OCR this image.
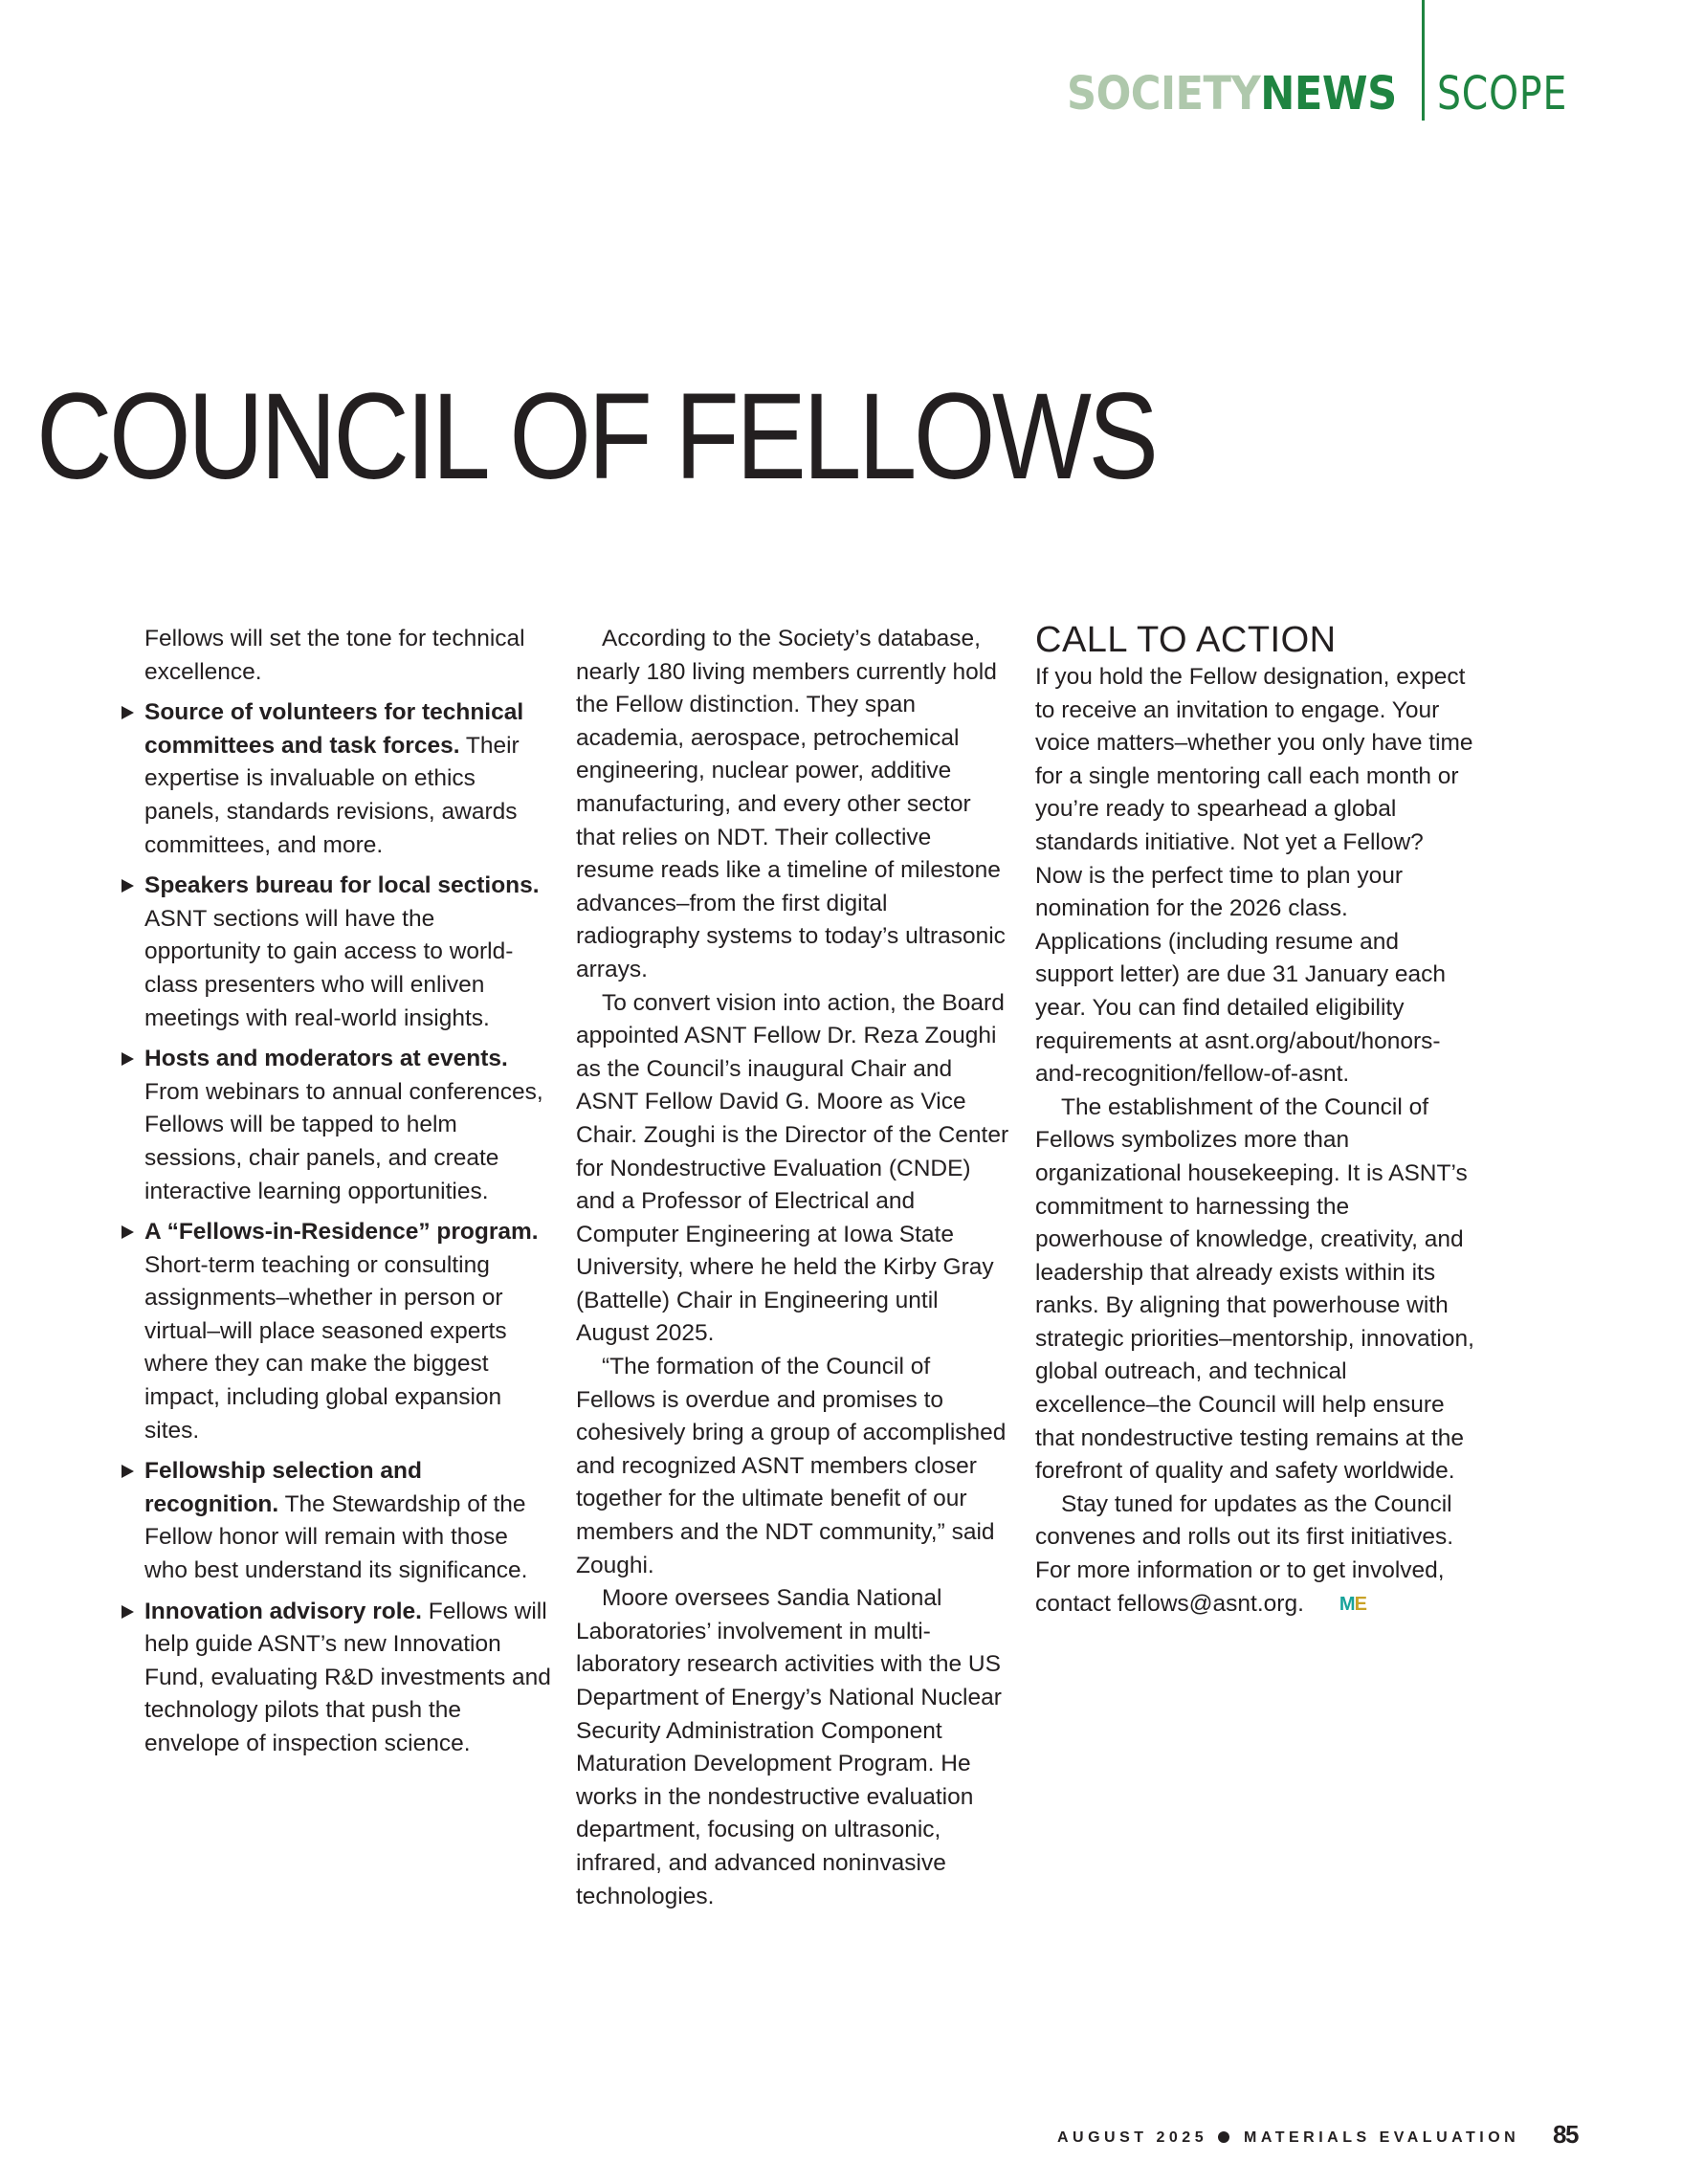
SOCIETYNEWS SCOPE
COUNCIL OF FELLOWS

Fellows will set the tone for technical excellence.

Source of volunteers for technical committees and task forces. Their expertise is invaluable on ethics panels, standards revisions, awards committees, and more.
Speakers bureau for local sections. ASNT sections will have the opportunity to gain access to world-class presenters who will enliven meetings with real-world insights.
Hosts and moderators at events. From webinars to annual conferences, Fellows will be tapped to helm sessions, chair panels, and create interactive learning opportunities.
A “Fellows-in-Residence” program. Short-term teaching or consulting assignments–whether in person or virtual–will place seasoned experts where they can make the biggest impact, including global expansion sites.
Fellowship selection and recognition. The Stewardship of the Fellow honor will remain with those who best understand its significance.
Innovation advisory role. Fellows will help guide ASNT’s new Innovation Fund, evaluating R&D investments and technology pilots that push the envelope of inspection science.

According to the Society’s database, nearly 180 living members currently hold the Fellow distinction. They span academia, aerospace, petrochemical engineering, nuclear power, additive manufacturing, and every other sector that relies on NDT. Their collective resume reads like a timeline of milestone advances–from the first digital radiography systems to today’s ultrasonic arrays.

To convert vision into action, the Board appointed ASNT Fellow Dr. Reza Zoughi as the Council’s inaugural Chair and ASNT Fellow David G. Moore as Vice Chair. Zoughi is the Director of the Center for Nondestructive Evaluation (CNDE) and a Professor of Electrical and Computer Engineering at Iowa State University, where he held the Kirby Gray (Battelle) Chair in Engineering until August 2025.

“The formation of the Council of Fellows is overdue and promises to cohesively bring a group of accomplished and recognized ASNT members closer together for the ultimate benefit of our members and the NDT community,” said Zoughi.

Moore oversees Sandia National Laboratories’ involvement in multi-laboratory research activities with the US Department of Energy’s National Nuclear Security Administration Component Maturation Development Program. He works in the nondestructive evaluation department, focusing on ultrasonic, infrared, and advanced noninvasive technologies.

CALL TO ACTION

If you hold the Fellow designation, expect to receive an invitation to engage. Your voice matters–whether you only have time for a single mentoring call each month or you’re ready to spearhead a global standards initiative. Not yet a Fellow? Now is the perfect time to plan your nomination for the 2026 class. Applications (including resume and support letter) are due 31 January each year. You can find detailed eligibility requirements at asnt.org/about/honors-and-recognition/fellow-of-asnt.

The establishment of the Council of Fellows symbolizes more than organizational housekeeping. It is ASNT’s commitment to harnessing the powerhouse of knowledge, creativity, and leadership that already exists within its ranks. By aligning that powerhouse with strategic priorities–mentorship, innovation, global outreach, and technical excellence–the Council will help ensure that nondestructive testing remains at the forefront of quality and safety worldwide.

Stay tuned for updates as the Council convenes and rolls out its first initiatives. For more information or to get involved, contact fellows@asnt.org. ME

AUGUST 2025 MATERIALS EVALUATION 85
